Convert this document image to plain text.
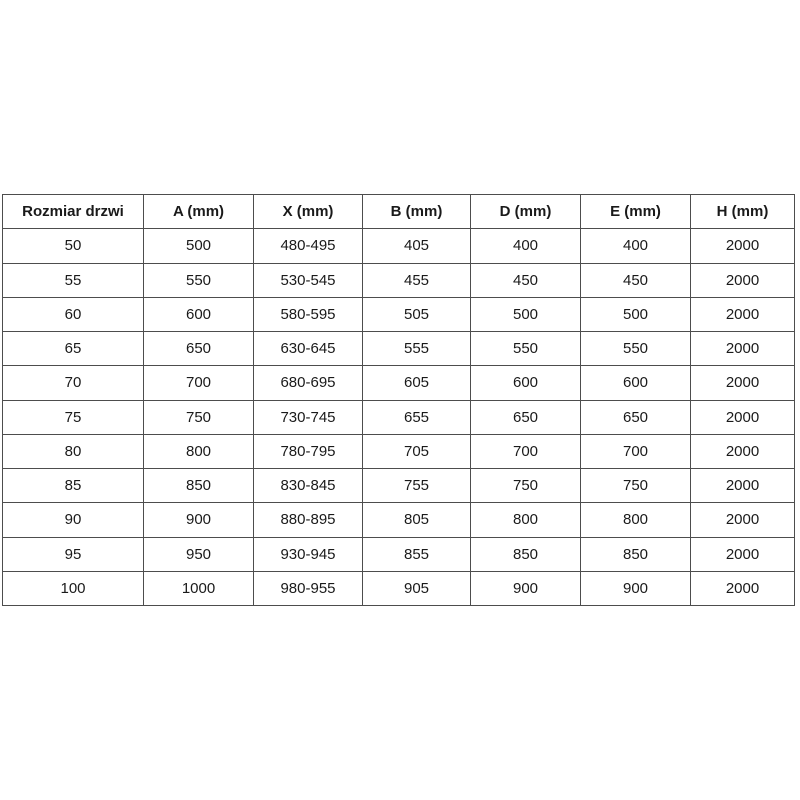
Rozmiar drzwi	A (mm)	X (mm)	B (mm)	D (mm)	E (mm)	H (mm)
50	500	480-495	405	400	400	2000
55	550	530-545	455	450	450	2000
60	600	580-595	505	500	500	2000
65	650	630-645	555	550	550	2000
70	700	680-695	605	600	600	2000
75	750	730-745	655	650	650	2000
80	800	780-795	705	700	700	2000
85	850	830-845	755	750	750	2000
90	900	880-895	805	800	800	2000
95	950	930-945	855	850	850	2000
100	1000	980-955	905	900	900	2000
